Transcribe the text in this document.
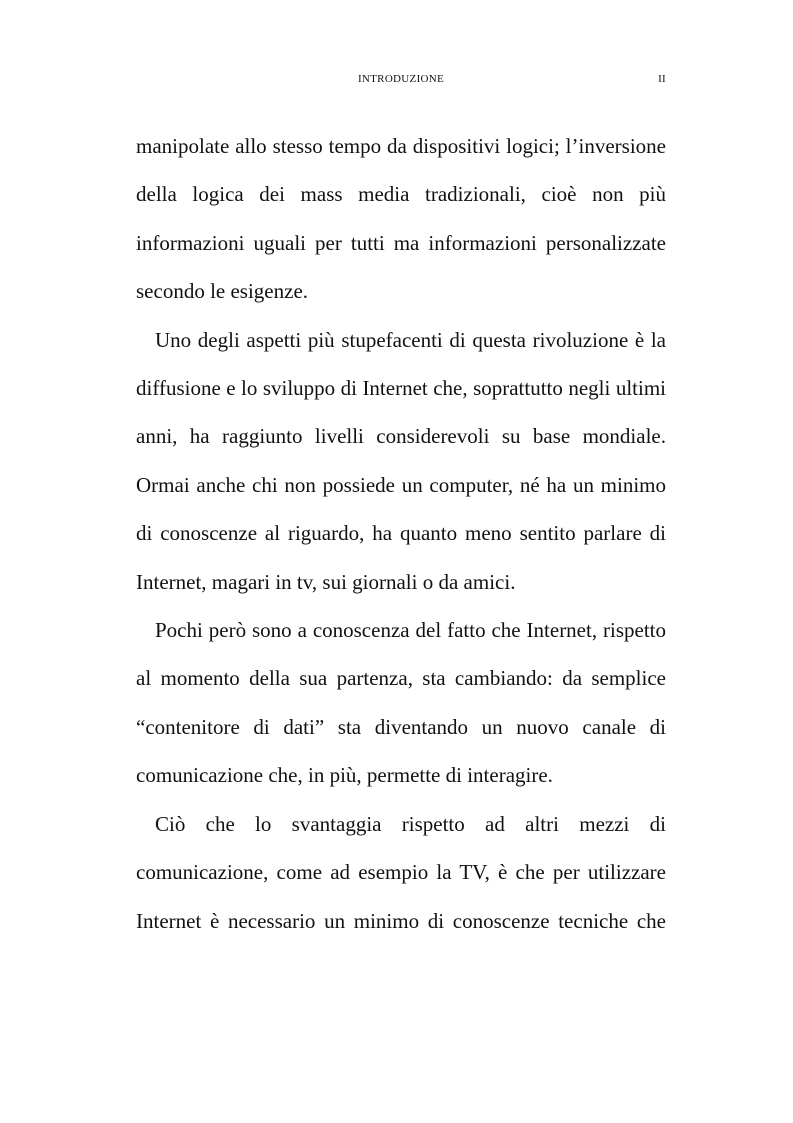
INTRODUZIONE	II

manipolate allo stesso tempo da dispositivi logici; l’inversione della logica dei mass media tradizionali, cioè non più informazioni uguali per tutti ma informazioni personalizzate secondo le esigenze.

Uno degli aspetti più stupefacenti di questa rivoluzione è la diffusione e lo sviluppo di Internet che, soprattutto negli ultimi anni, ha raggiunto livelli considerevoli su base mondiale. Ormai anche chi non possiede un computer, né ha un minimo di conoscenze al riguardo, ha quanto meno sentito parlare di Internet, magari in tv, sui giornali o da amici.

Pochi però sono a conoscenza del fatto che Internet, rispetto al momento della sua partenza, sta cambiando: da semplice “contenitore di dati” sta diventando un nuovo canale di comunicazione che, in più, permette di interagire.

Ciò che lo svantaggia rispetto ad altri mezzi di comunicazione, come ad esempio la TV, è che per utilizzare Internet è necessario un minimo di conoscenze tecniche che
